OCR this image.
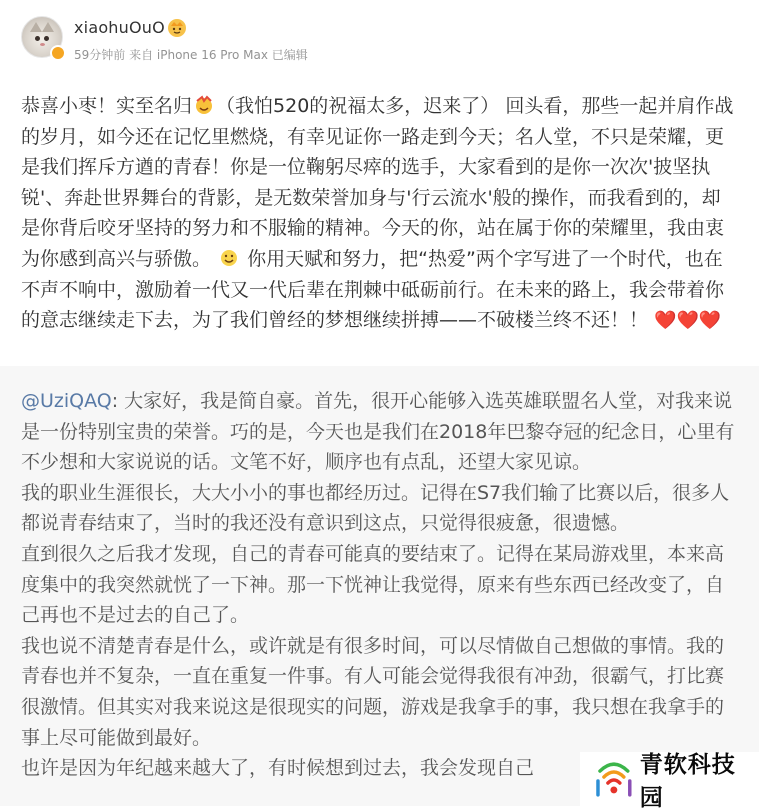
xiaohuOuO
59分钟前 来自 iPhone 16 Pro Max 已编辑
恭喜小枣！实至名归 （我怕520的祝福太多，迟来了） 回头看，那些一起并肩作战的岁月，如今还在记忆里燃烧，有幸见证你一路走到今天；名人堂，不只是荣耀，更是我们挥斥方遒的青春！你是一位鞠躬尽瘁的选手，大家看到的是你一次次'披坚执锐'、奔赴世界舞台的背影，是无数荣誉加身与'行云流水'般的操作，而我看到的，却是你背后咬牙坚持的努力和不服输的精神。今天的你，站在属于你的荣耀里，我由衷为你感到高兴与骄傲。 你用天赋和努力，把“热爱”两个字写进了一个时代，也在不声不响中，激励着一代又一代后辈在荆棘中砥砺前行。在未来的路上，我会带着你的意志继续走下去，为了我们曾经的梦想继续拼搏——不破楼兰终不还！！ ❤️❤️❤️
@UziQAQ: 大家好，我是简自豪。首先，很开心能够入选英雄联盟名人堂，对我来说是一份特别宝贵的荣誉。巧的是，今天也是我们在2018年巴黎夺冠的纪念日，心里有不少想和大家说说的话。文笔不好，顺序也有点乱，还望大家见谅。
我的职业生涯很长，大大小小的事也都经历过。记得在S7我们输了比赛以后，很多人都说青春结束了，当时的我还没有意识到这点，只觉得很疲惫，很遗憾。
直到很久之后我才发现，自己的青春可能真的要结束了。记得在某局游戏里，本来高度集中的我突然就恍了一下神。那一下恍神让我觉得，原来有些东西已经改变了，自己再也不是过去的自己了。
我也说不清楚青春是什么，或许就是有很多时间，可以尽情做自己想做的事情。我的青春也并不复杂，一直在重复一件事。有人可能会觉得我很有冲劲，很霸气，打比赛很激情。但其实对我来说这是很现实的问题，游戏是我拿手的事，我只想在我拿手的事上尽可能做到最好。
也许是因为年纪越来越大了，有时候想到过去，我会发现自己	青软科技园
